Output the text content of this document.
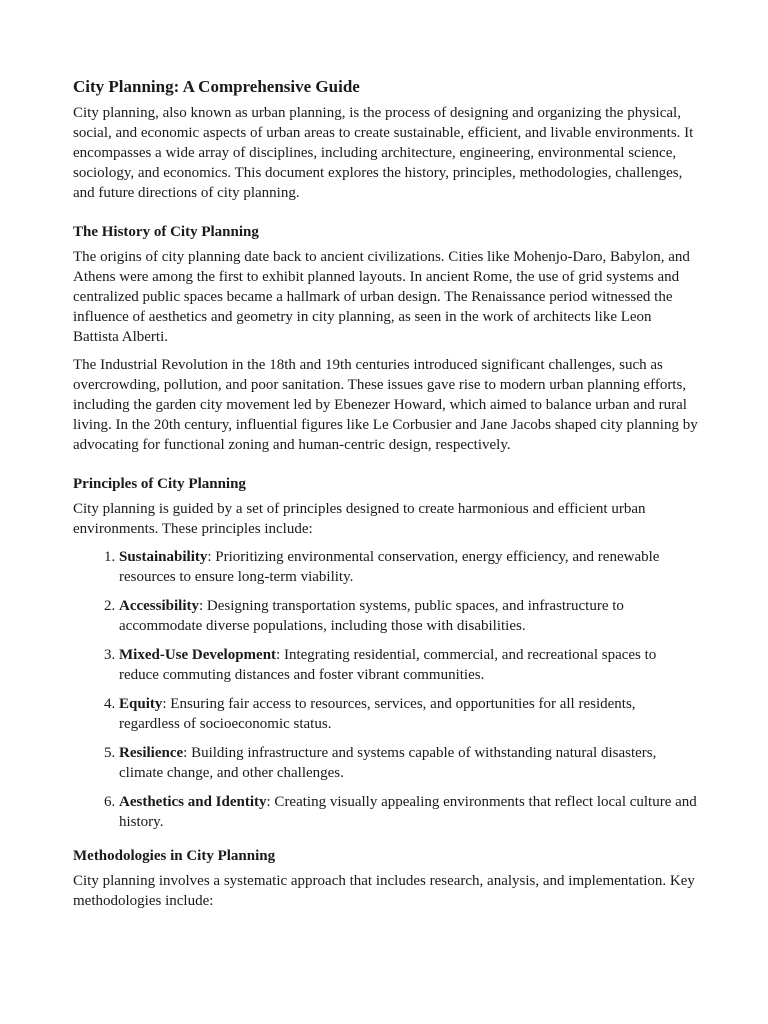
City Planning: A Comprehensive Guide

City planning, also known as urban planning, is the process of designing and organizing the physical, social, and economic aspects of urban areas to create sustainable, efficient, and livable environments. It encompasses a wide array of disciplines, including architecture, engineering, environmental science, sociology, and economics. This document explores the history, principles, methodologies, challenges, and future directions of city planning.

The History of City Planning

The origins of city planning date back to ancient civilizations. Cities like Mohenjo-Daro, Babylon, and Athens were among the first to exhibit planned layouts. In ancient Rome, the use of grid systems and centralized public spaces became a hallmark of urban design. The Renaissance period witnessed the influence of aesthetics and geometry in city planning, as seen in the work of architects like Leon Battista Alberti.

The Industrial Revolution in the 18th and 19th centuries introduced significant challenges, such as overcrowding, pollution, and poor sanitation. These issues gave rise to modern urban planning efforts, including the garden city movement led by Ebenezer Howard, which aimed to balance urban and rural living. In the 20th century, influential figures like Le Corbusier and Jane Jacobs shaped city planning by advocating for functional zoning and human-centric design, respectively.

Principles of City Planning

City planning is guided by a set of principles designed to create harmonious and efficient urban environments. These principles include:

1. Sustainability: Prioritizing environmental conservation, energy efficiency, and renewable resources to ensure long-term viability.
2. Accessibility: Designing transportation systems, public spaces, and infrastructure to accommodate diverse populations, including those with disabilities.
3. Mixed-Use Development: Integrating residential, commercial, and recreational spaces to reduce commuting distances and foster vibrant communities.
4. Equity: Ensuring fair access to resources, services, and opportunities for all residents, regardless of socioeconomic status.
5. Resilience: Building infrastructure and systems capable of withstanding natural disasters, climate change, and other challenges.
6. Aesthetics and Identity: Creating visually appealing environments that reflect local culture and history.
Methodologies in City Planning

City planning involves a systematic approach that includes research, analysis, and implementation. Key methodologies include:
